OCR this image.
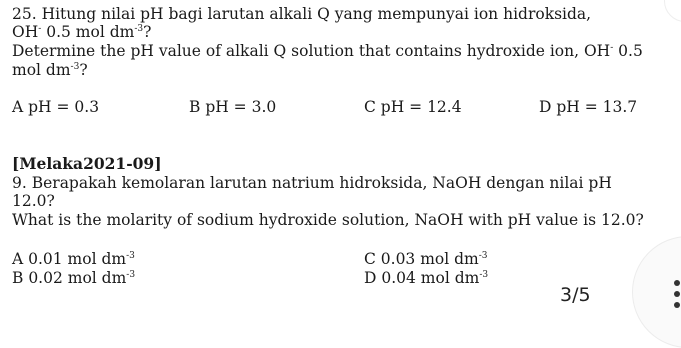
25. Hitung nilai pH bagi larutan alkali Q yang mempunyai ion hidroksida,
OH- 0.5 mol $dm^{-3}$?
Determine the pH value of alkali Q solution that contains hydroxide ion, OH- 0.5
mol $dm^{-3}$?
A pH = 0.3	B pH = 3.0	C pH = 12.4	D pH = 13.7
[Melaka2021-09]
9. Berapakah kemolaran larutan natrium hidroksida, NaOH dengan nilai pH
12.0?
What is the molarity of sodium hydroxide solution, NaOH with pH value is 12.0?
A 0.01 mol $dm^{-3}$
B 0.02 mol $dm^{-3}$
C 0.03 mol $dm^{-3}$
D 0.04 mol $dm^{-3}$
3/5
